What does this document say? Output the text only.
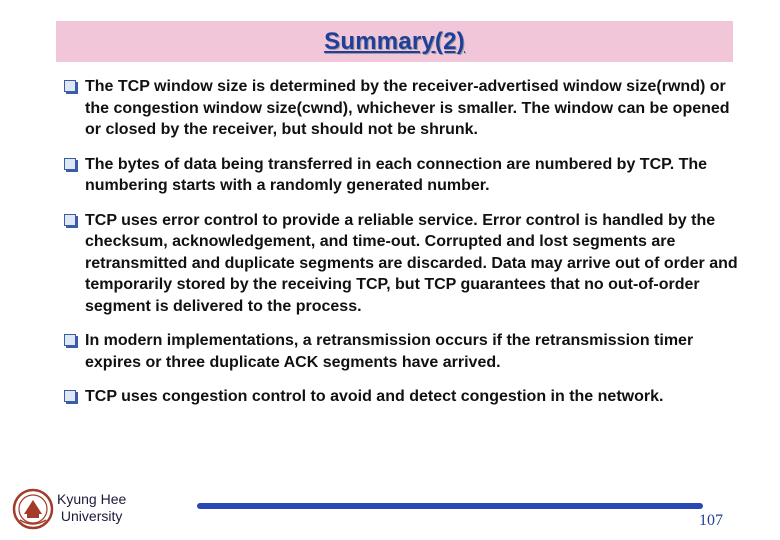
Summary(2)
The TCP window size is determined by the receiver-advertised window size(rwnd) or the congestion window size(cwnd), whichever is smaller. The window can be opened or closed by the receiver, but should not be shrunk.
The bytes of data being transferred in each connection are numbered by TCP. The numbering starts with a randomly generated number.
TCP uses error control to provide a reliable service. Error control is handled by the checksum, acknowledgement, and time-out. Corrupted and lost segments are retransmitted and duplicate segments are discarded. Data may arrive out of order and temporarily stored by the receiving TCP, but TCP guarantees that no out-of-order segment is delivered to the process.
In modern implementations, a retransmission occurs if the retransmission timer expires or three duplicate ACK segments have arrived.
TCP uses congestion control to avoid and detect congestion in the network.
Kyung Hee
University	107
